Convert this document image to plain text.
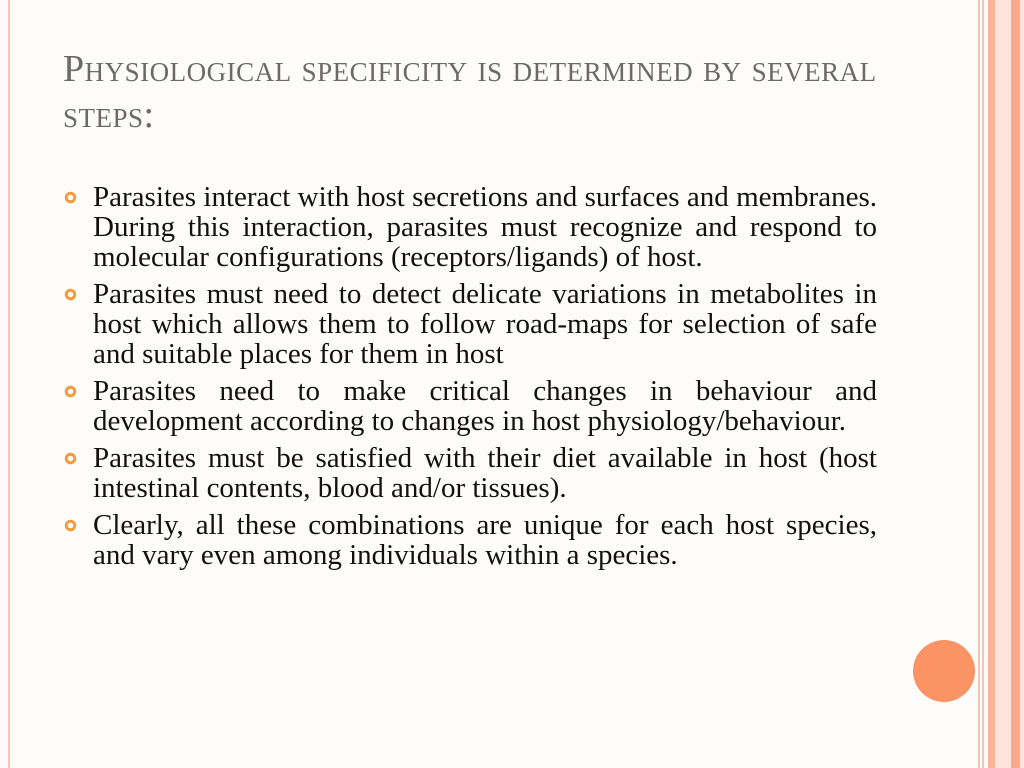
Physiological specificity is determined by several steps:
Parasites interact with host secretions and surfaces and membranes. During this interaction, parasites must recognize and respond to molecular configurations (receptors/ligands) of host.
Parasites must need to detect delicate variations in metabolites in host which allows them to follow road-maps for selection of safe and suitable places for them in host
Parasites need to make critical changes in behaviour and development according to changes in host physiology/behaviour.
Parasites must be satisfied with their diet available in host (host intestinal contents, blood and/or tissues).
Clearly, all these combinations are unique for each host species, and vary even among individuals within a species.
